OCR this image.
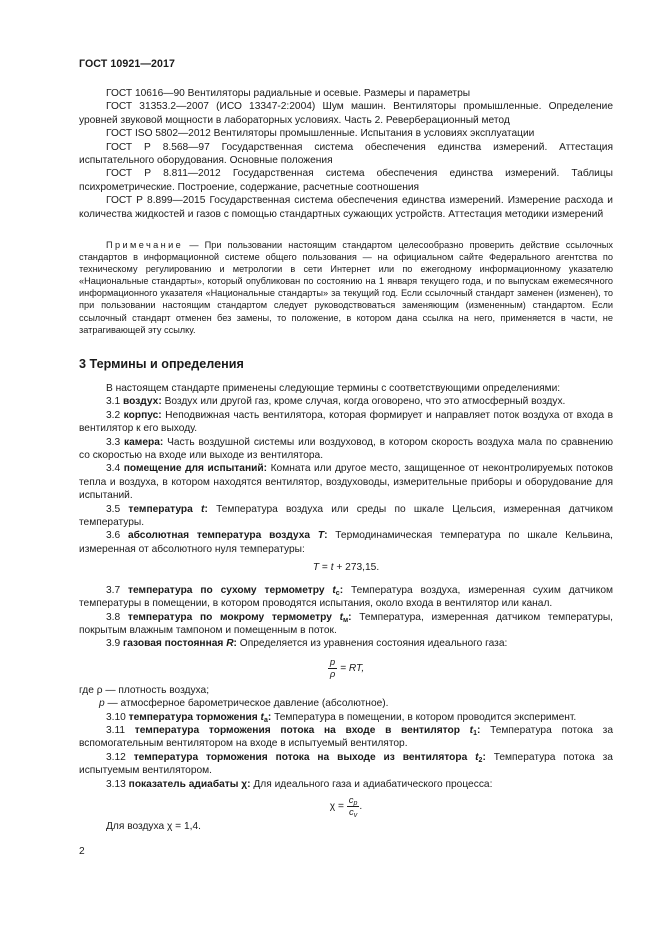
ГОСТ 10921—2017

ГОСТ 10616—90 Вентиляторы радиальные и осевые. Размеры и параметры

ГОСТ 31353.2—2007 (ИСО 13347-2:2004) Шум машин. Вентиляторы промышленные. Определение уровней звуковой мощности в лабораторных условиях. Часть 2. Реверберационный метод

ГОСТ ISO 5802—2012 Вентиляторы промышленные. Испытания в условиях эксплуатации

ГОСТ Р 8.568—97 Государственная система обеспечения единства измерений. Аттестация испытательного оборудования. Основные положения

ГОСТ Р 8.811—2012 Государственная система обеспечения единства измерений. Таблицы психрометрические. Построение, содержание, расчетные соотношения

ГОСТ Р 8.899—2015 Государственная система обеспечения единства измерений. Измерение расхода и количества жидкостей и газов с помощью стандартных сужающих устройств. Аттестация методики измерений

Примечание — При пользовании настоящим стандартом целесообразно проверить действие ссылочных стандартов в информационной системе общего пользования — на официальном сайте Федерального агентства по техническому регулированию и метрологии в сети Интернет или по ежегодному информационному указателю «Национальные стандарты», который опубликован по состоянию на 1 января текущего года, и по выпускам ежемесячного информационного указателя «Национальные стандарты» за текущий год. Если ссылочный стандарт заменен (изменен), то при пользовании настоящим стандартом следует руководствоваться заменяющим (измененным) стандартом. Если ссылочный стандарт отменен без замены, то положение, в котором дана ссылка на него, применяется в части, не затрагивающей эту ссылку.

3 Термины и определения

В настоящем стандарте применены следующие термины с соответствующими определениями:

3.1 воздух: Воздух или другой газ, кроме случая, когда оговорено, что это атмосферный воздух.

3.2 корпус: Неподвижная часть вентилятора, которая формирует и направляет поток воздуха от входа в вентилятор к его выходу.

3.3 камера: Часть воздушной системы или воздуховод, в котором скорость воздуха мала по сравнению со скоростью на входе или выходе из вентилятора.

3.4 помещение для испытаний: Комната или другое место, защищенное от неконтролируемых потоков тепла и воздуха, в котором находятся вентилятор, воздуховоды, измерительные приборы и оборудование для испытаний.

3.5 температура t: Температура воздуха или среды по шкале Цельсия, измеренная датчиком температуры.

3.6 абсолютная температура воздуха T: Термодинамическая температура по шкале Кельвина, измеренная от абсолютного нуля температуры:

T = t + 273,15.

3.7 температура по сухому термометру $t_c$: Температура воздуха, измеренная сухим датчиком температуры в помещении, в котором проводятся испытания, около входа в вентилятор или канал.

3.8 температура по мокрому термометру $t_м$: Температура, измеренная датчиком температуры, покрытым влажным тампоном и помещенным в поток.

3.9 газовая постоянная R: Определяется из уравнения состояния идеального газа:

$\frac{p}{\rho}$ = RT,

где ρ — плотность воздуха;

p — атмосферное барометрическое давление (абсолютное).

3.10 температура торможения $t_а$: Температура в помещении, в котором проводится эксперимент.

3.11 температура торможения потока на входе в вентилятор $t_1$: Температура потока за вспомогательным вентилятором на входе в испытуемый вентилятор.

3.12 температура торможения потока на выходе из вентилятора $t_2$: Температура потока за испытуемым вентилятором.

3.13 показатель адиабаты χ: Для идеального газа и адиабатического процесса:

$\chi = \frac{c_p}{c_v}$ .

Для воздуха χ = 1,4.

2
